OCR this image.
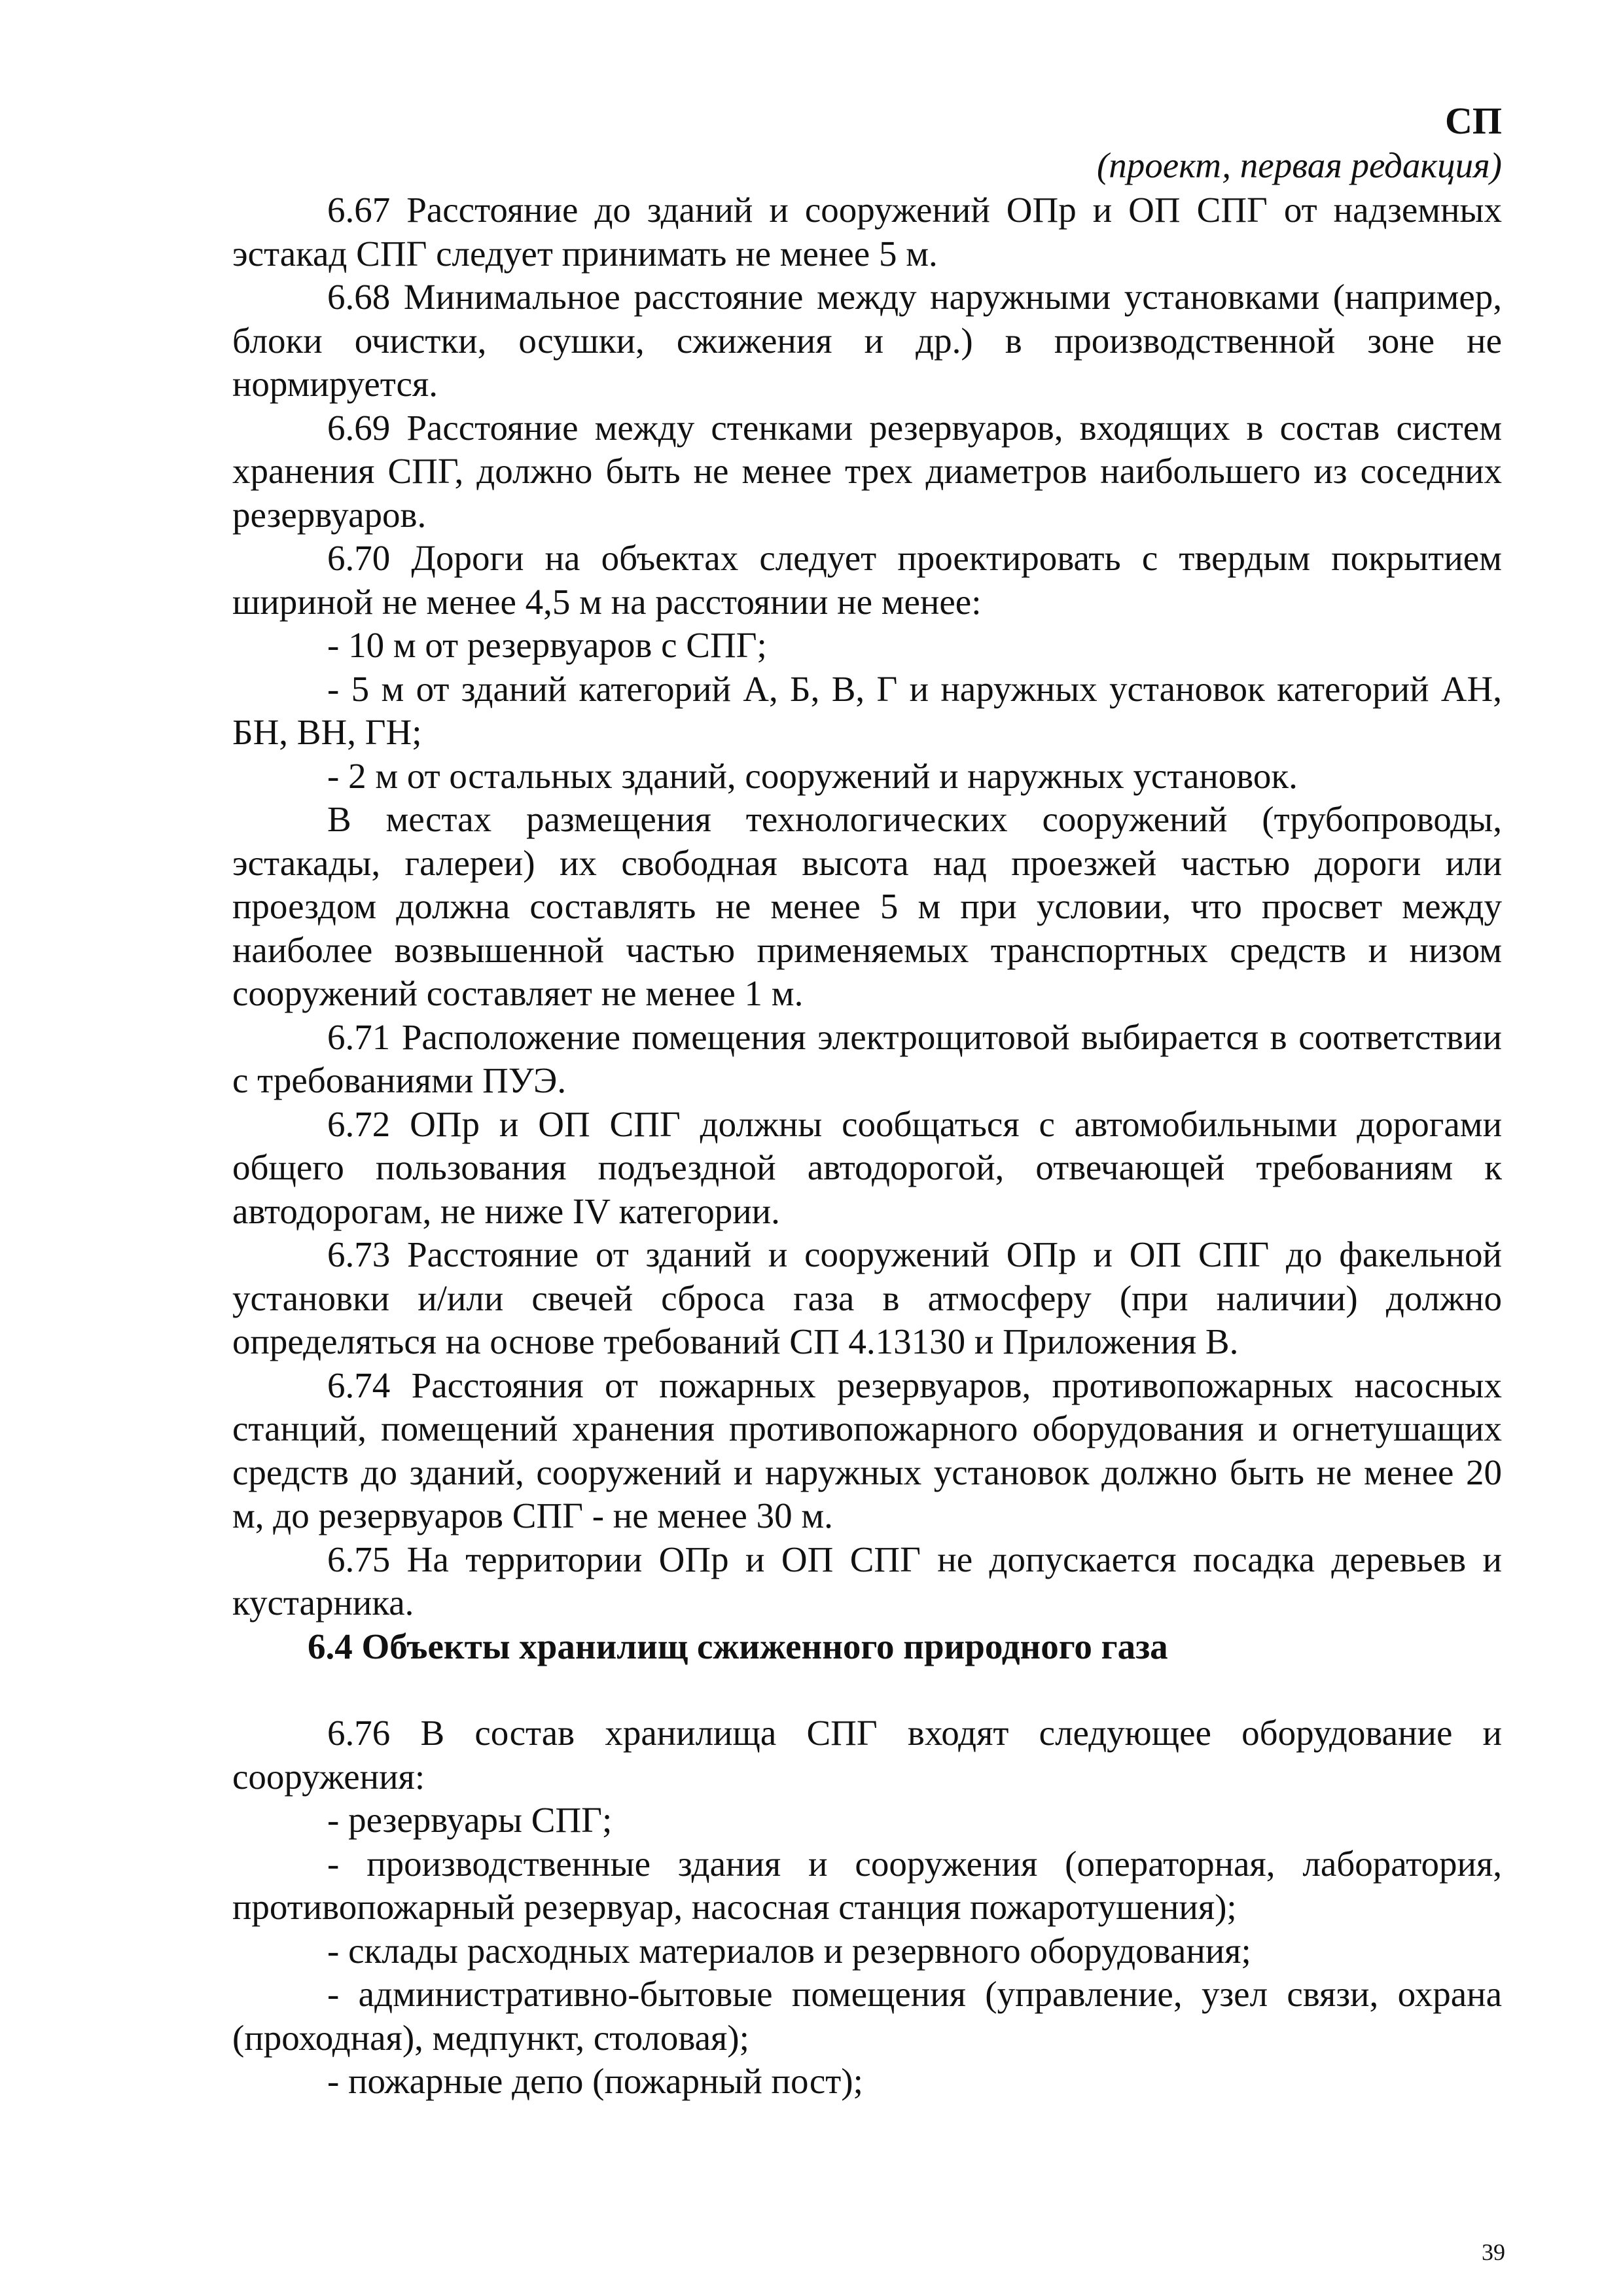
СП
(проект, первая редакция)

6.67 Расстояние до зданий и сооружений ОПр и ОП СПГ от надземных эстакад СПГ следует принимать не менее 5 м.

6.68 Минимальное расстояние между наружными установками (например, блоки очистки, осушки, сжижения и др.) в производственной зоне не нормируется.

6.69 Расстояние между стенками резервуаров, входящих в состав систем хранения СПГ, должно быть не менее трех диаметров наибольшего из соседних резервуаров.

6.70 Дороги на объектах следует проектировать с твердым покрытием шириной не менее 4,5 м на расстоянии не менее:

- 10 м от резервуаров с СПГ;

- 5 м от зданий категорий А, Б, В, Г и наружных установок категорий АН, БН, ВН, ГН;

- 2 м от остальных зданий, сооружений и наружных установок.

В местах размещения технологических сооружений (трубопроводы, эстакады, галереи) их свободная высота над проезжей частью дороги или проездом должна составлять не менее 5 м при условии, что просвет между наиболее возвышенной частью применяемых транспортных средств и низом сооружений составляет не менее 1 м.

6.71 Расположение помещения электрощитовой выбирается в соответствии с требованиями ПУЭ.

6.72 ОПр и ОП СПГ должны сообщаться с автомобильными дорогами общего пользования подъездной автодорогой, отвечающей требованиям к автодорогам, не ниже IV категории.

6.73 Расстояние от зданий и сооружений ОПр и ОП СПГ до факельной установки и/или свечей сброса газа в атмосферу (при наличии) должно определяться на основе требований СП 4.13130 и Приложения В.

6.74 Расстояния от пожарных резервуаров, противопожарных насосных станций, помещений хранения противопожарного оборудования и огнетушащих средств до зданий, сооружений и наружных установок должно быть не менее 20 м, до резервуаров СПГ - не менее 30 м.

6.75 На территории ОПр и ОП СПГ не допускается посадка деревьев и кустарника.

6.4 Объекты хранилищ сжиженного природного газа

6.76 В состав хранилища СПГ входят следующее оборудование и сооружения:

- резервуары СПГ;

- производственные здания и сооружения (операторная, лаборатория, противопожарный резервуар, насосная станция пожаротушения);

- склады расходных материалов и резервного оборудования;

- административно-бытовые помещения (управление, узел связи, охрана (проходная), медпункт, столовая);

- пожарные депо (пожарный пост);

39
